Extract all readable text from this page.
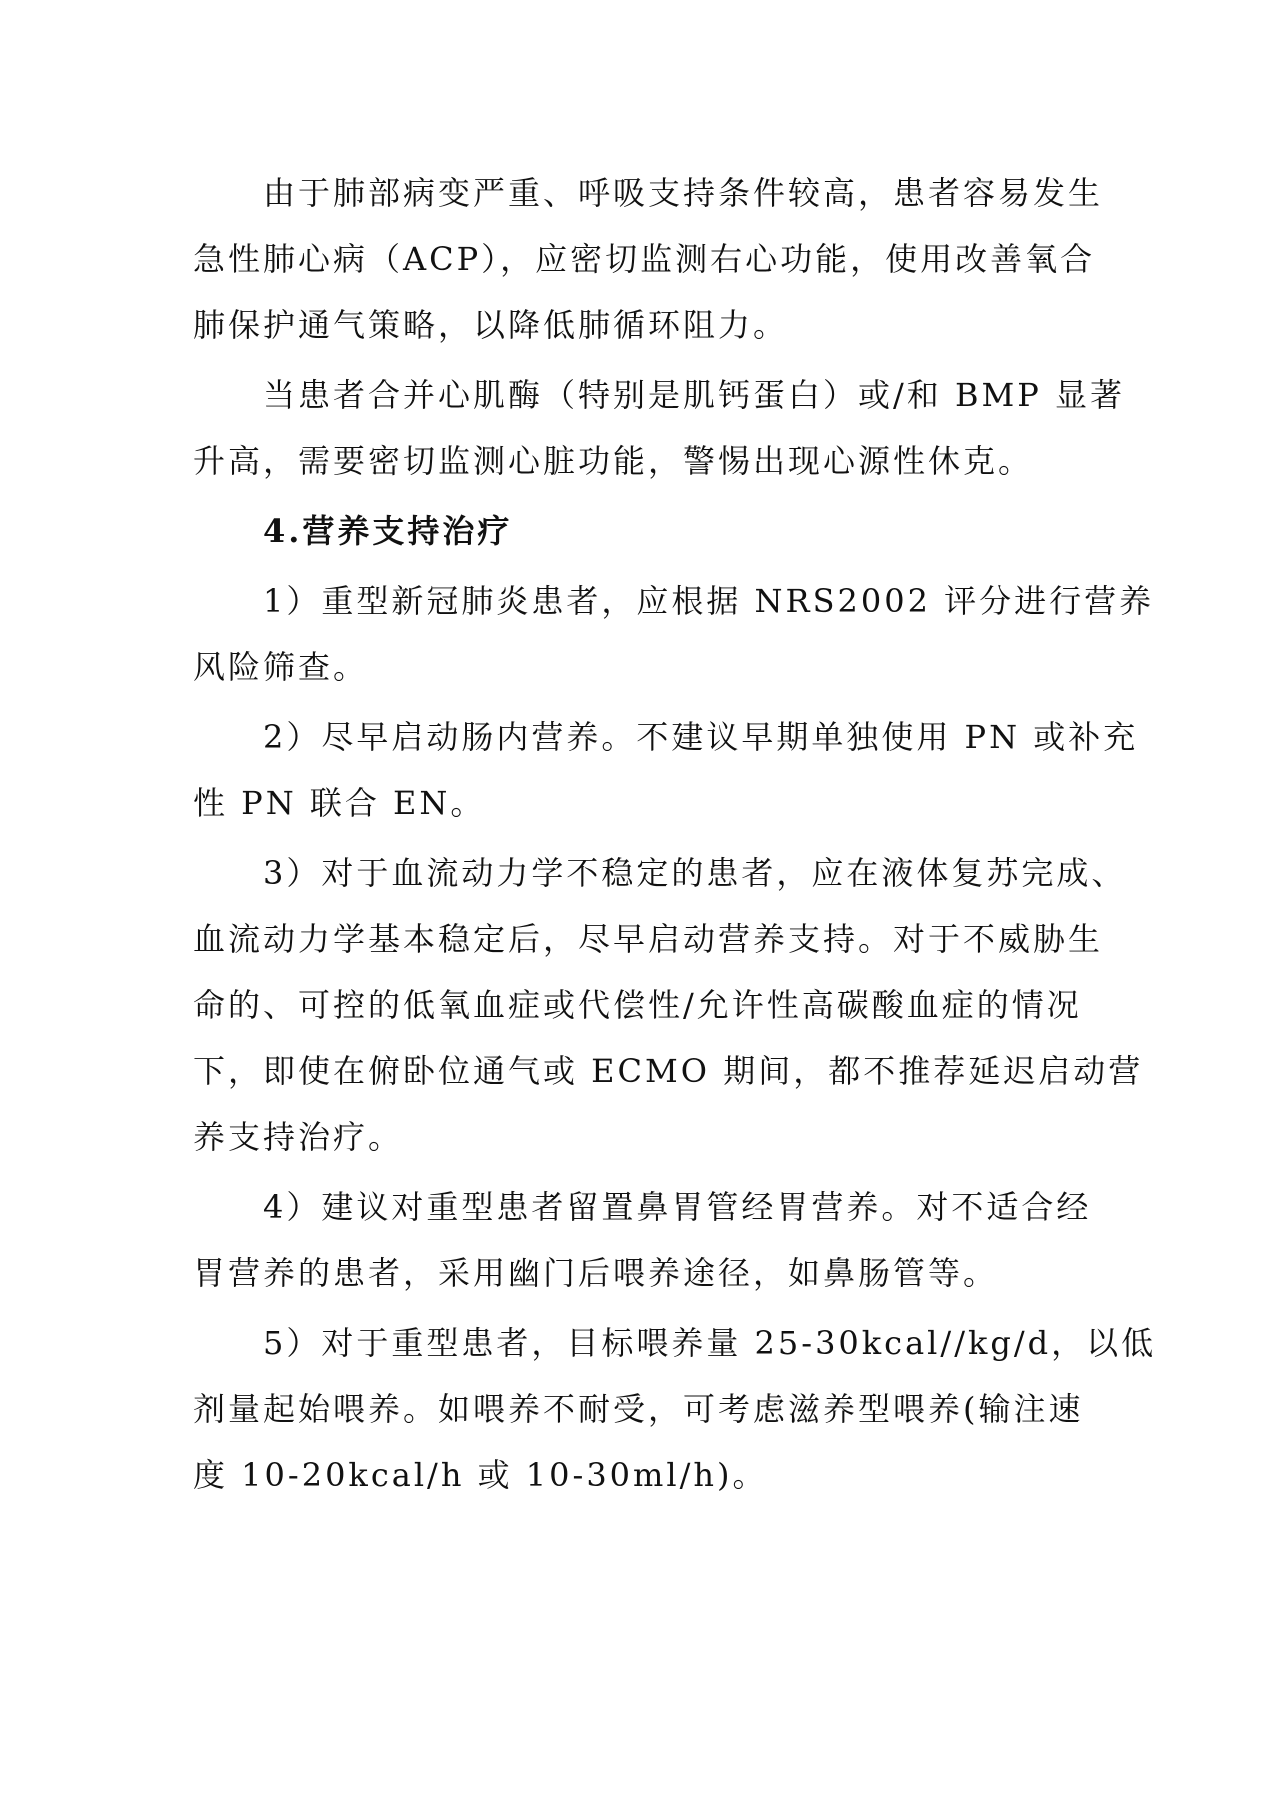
由于肺部病变严重、呼吸支持条件较高，患者容易发生
急性肺心病（ACP），应密切监测右心功能，使用改善氧合
肺保护通气策略，以降低肺循环阻力。
当患者合并心肌酶（特别是肌钙蛋白）或/和 BMP 显著
升高，需要密切监测心脏功能，警惕出现心源性休克。
4.营养支持治疗
1）重型新冠肺炎患者，应根据 NRS2002 评分进行营养
风险筛查。
2）尽早启动肠内营养。不建议早期单独使用 PN 或补充
性 PN 联合 EN。
3）对于血流动力学不稳定的患者，应在液体复苏完成、
血流动力学基本稳定后，尽早启动营养支持。对于不威胁生
命的、可控的低氧血症或代偿性/允许性高碳酸血症的情况
下，即使在俯卧位通气或 ECMO 期间，都不推荐延迟启动营
养支持治疗。
4）建议对重型患者留置鼻胃管经胃营养。对不适合经
胃营养的患者，采用幽门后喂养途径，如鼻肠管等。
5）对于重型患者，目标喂养量 25-30kcal//kg/d，以低
剂量起始喂养。如喂养不耐受，可考虑滋养型喂养(输注速
度 10-20kcal/h 或 10-30ml/h)。
